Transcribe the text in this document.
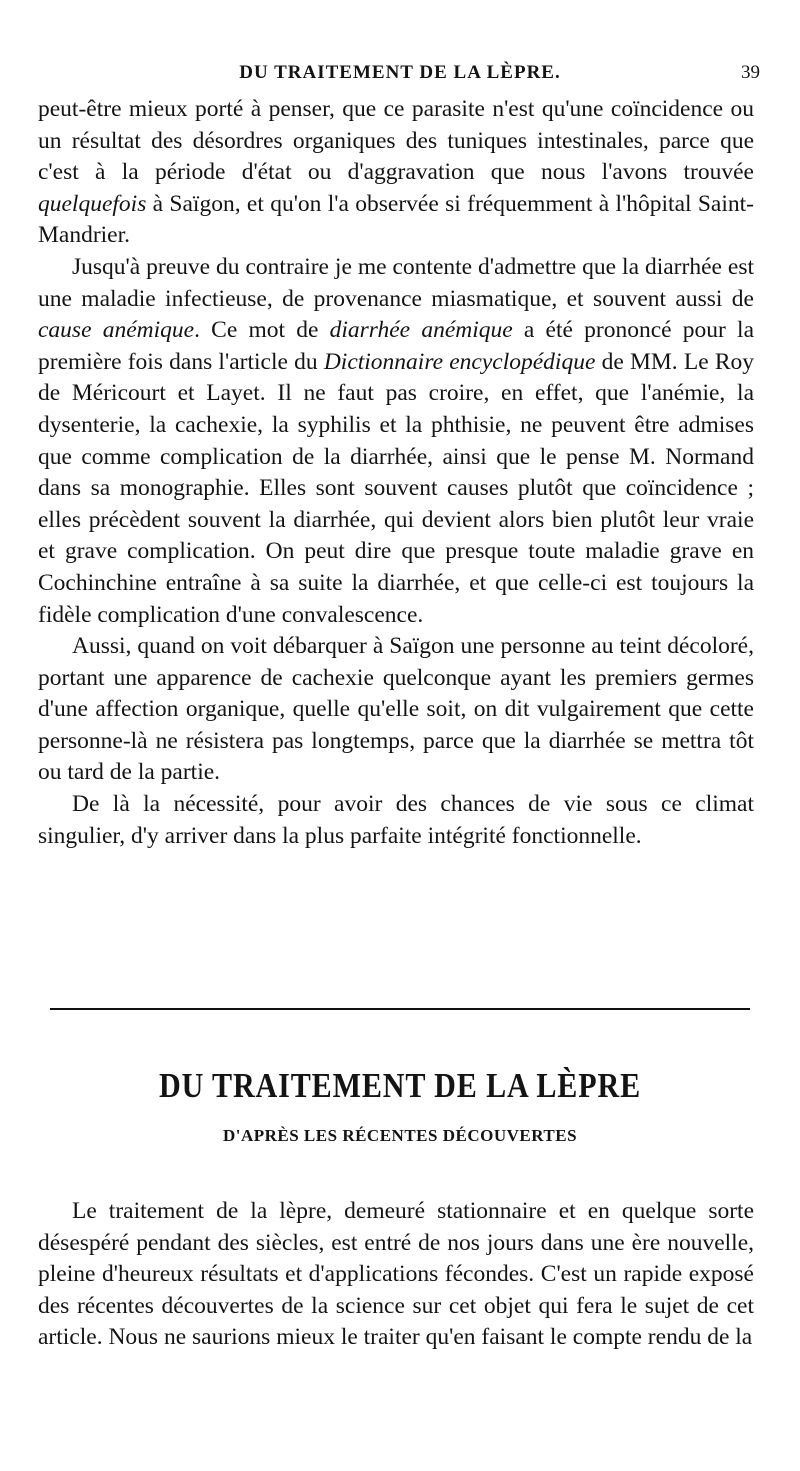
DU TRAITEMENT DE LA LÈPRE.	39

peut-être mieux porté à penser, que ce parasite n'est qu'une coïncidence ou un résultat des désordres organiques des tuniques intestinales, parce que c'est à la période d'état ou d'aggravation que nous l'avons trouvée quelquefois à Saïgon, et qu'on l'a observée si fréquemment à l'hôpital Saint-Mandrier.

Jusqu'à preuve du contraire je me contente d'admettre que la diarrhée est une maladie infectieuse, de provenance miasmatique, et souvent aussi de cause anémique. Ce mot de diarrhée anémique a été prononcé pour la première fois dans l'article du Dictionnaire encyclopédique de MM. Le Roy de Méricourt et Layet. Il ne faut pas croire, en effet, que l'anémie, la dysenterie, la cachexie, la syphilis et la phthisie, ne peuvent être admises que comme complication de la diarrhée, ainsi que le pense M. Normand dans sa monographie. Elles sont souvent causes plutôt que coïncidence ; elles précèdent souvent la diarrhée, qui devient alors bien plutôt leur vraie et grave complication. On peut dire que presque toute maladie grave en Cochinchine entraîne à sa suite la diarrhée, et que celle-ci est toujours la fidèle complication d'une convalescence.

Aussi, quand on voit débarquer à Saïgon une personne au teint décoloré, portant une apparence de cachexie quelconque ayant les premiers germes d'une affection organique, quelle qu'elle soit, on dit vulgairement que cette personne-là ne résistera pas longtemps, parce que la diarrhée se mettra tôt ou tard de la partie.

De là la nécessité, pour avoir des chances de vie sous ce climat singulier, d'y arriver dans la plus parfaite intégrité fonctionnelle.

DU TRAITEMENT DE LA LÈPRE
D'APRÈS LES RÉCENTES DÉCOUVERTES

Le traitement de la lèpre, demeuré stationnaire et en quelque sorte désespéré pendant des siècles, est entré de nos jours dans une ère nouvelle, pleine d'heureux résultats et d'applications fécondes. C'est un rapide exposé des récentes découvertes de la science sur cet objet qui fera le sujet de cet article. Nous ne saurions mieux le traiter qu'en faisant le compte rendu de la
